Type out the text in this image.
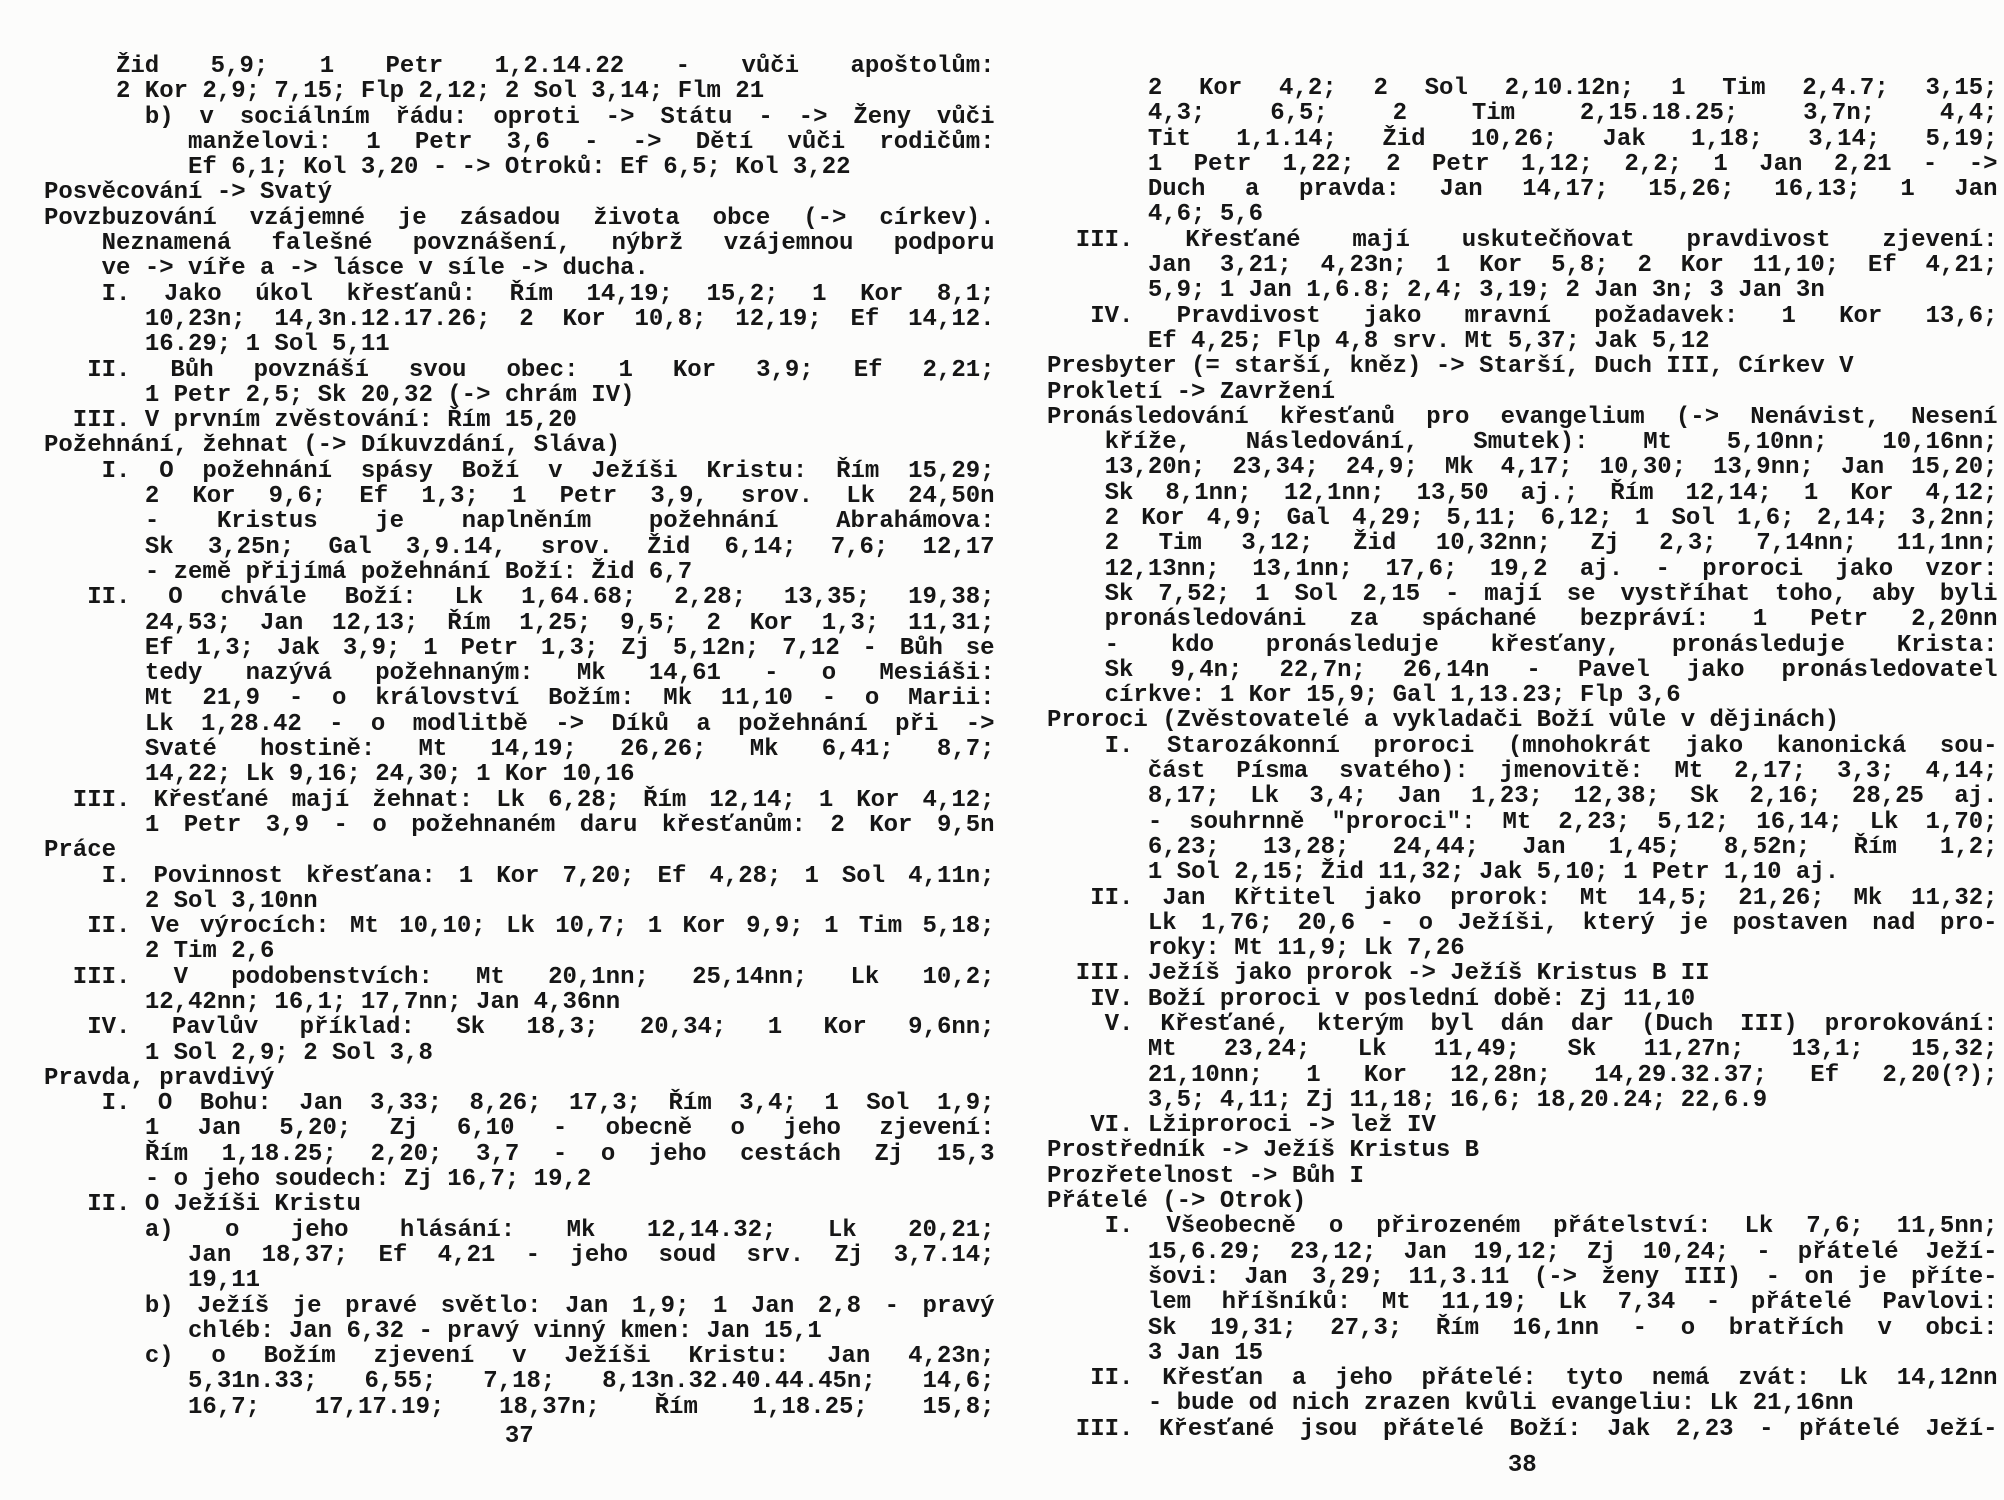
Žid 5,9; 1 Petr 1,2.14.22 - vůči apoštolům:
2 Kor 2,9; 7,15; Flp 2,12; 2 Sol 3,14; Flm 21
b) v sociálním řádu: oproti -> Státu - -> Ženy vůči
manželovi: 1 Petr 3,6 - -> Dětí vůči rodičům:
Ef 6,1; Kol 3,20 - -> Otroků: Ef 6,5; Kol 3,22
Posvěcování -> Svatý
Povzbuzování vzájemné je zásadou života obce (-> církev).
Neznamená falešné povznášení, nýbrž vzájemnou podporu
ve -> víře a -> lásce v síle -> ducha.
I. Jako úkol křesťanů: Řím 14,19; 15,2; 1 Kor 8,1;
10,23n; 14,3n.12.17.26; 2 Kor 10,8; 12,19; Ef 14,12.
16.29; 1 Sol 5,11
II. Bůh povznáší svou obec: 1 Kor 3,9; Ef 2,21;
1 Petr 2,5; Sk 20,32 (-> chrám IV)
III. V prvním zvěstování: Řím 15,20
Požehnání, žehnat (-> Díkuvzdání, Sláva)
I. O požehnání spásy Boží v Ježíši Kristu: Řím 15,29;
2 Kor 9,6; Ef 1,3; 1 Petr 3,9, srov. Lk 24,50n
- Kristus je naplněním požehnání Abrahámova:
Sk 3,25n; Gal 3,9.14, srov. Žid 6,14; 7,6; 12,17
- země přijímá požehnání Boží: Žid 6,7
II. O chvále Boží: Lk 1,64.68; 2,28; 13,35; 19,38;
24,53; Jan 12,13; Řím 1,25; 9,5; 2 Kor 1,3; 11,31;
Ef 1,3; Jak 3,9; 1 Petr 1,3; Zj 5,12n; 7,12 - Bůh se
tedy nazývá požehnaným: Mk 14,61 - o Mesiáši:
Mt 21,9 - o království Božím: Mk 11,10 - o Marii:
Lk 1,28.42 - o modlitbě -> Díků a požehnání při ->
Svaté hostině: Mt 14,19; 26,26; Mk 6,41; 8,7;
14,22; Lk 9,16; 24,30; 1 Kor 10,16
III. Křesťané mají žehnat: Lk 6,28; Řím 12,14; 1 Kor 4,12;
1 Petr 3,9 - o požehnaném daru křesťanům: 2 Kor 9,5n
Práce
I. Povinnost křesťana: 1 Kor 7,20; Ef 4,28; 1 Sol 4,11n;
2 Sol 3,10nn
II. Ve výrocích: Mt 10,10; Lk 10,7; 1 Kor 9,9; 1 Tim 5,18;
2 Tim 2,6
III. V podobenstvích: Mt 20,1nn; 25,14nn; Lk 10,2;
12,42nn; 16,1; 17,7nn; Jan 4,36nn
IV. Pavlův příklad: Sk 18,3; 20,34; 1 Kor 9,6nn;
1 Sol 2,9; 2 Sol 3,8
Pravda, pravdivý
I. O Bohu: Jan 3,33; 8,26; 17,3; Řím 3,4; 1 Sol 1,9;
1 Jan 5,20; Zj 6,10 - obecně o jeho zjevení:
Řím 1,18.25; 2,20; 3,7 - o jeho cestách Zj 15,3
- o jeho soudech: Zj 16,7; 19,2
II. O Ježíši Kristu
a) o jeho hlásání: Mk 12,14.32; Lk 20,21;
Jan 18,37; Ef 4,21 - jeho soud srv. Zj 3,7.14;
19,11
b) Ježíš je pravé světlo: Jan 1,9; 1 Jan 2,8 - pravý
chléb: Jan 6,32 - pravý vinný kmen: Jan 15,1
c) o Božím zjevení v Ježíši Kristu: Jan 4,23n;
5,31n.33; 6,55; 7,18; 8,13n.32.40.44.45n; 14,6;
16,7; 17,17.19; 18,37n; Řím 1,18.25; 15,8;
37
2 Kor 4,2; 2 Sol 2,10.12n; 1 Tim 2,4.7; 3,15;
4,3; 6,5; 2 Tim 2,15.18.25; 3,7n; 4,4;
Tit 1,1.14; Žid 10,26; Jak 1,18; 3,14; 5,19;
1 Petr 1,22; 2 Petr 1,12; 2,2; 1 Jan 2,21 - ->
Duch a pravda: Jan 14,17; 15,26; 16,13; 1 Jan
4,6; 5,6
III. Křesťané mají uskutečňovat pravdivost zjevení:
Jan 3,21; 4,23n; 1 Kor 5,8; 2 Kor 11,10; Ef 4,21;
5,9; 1 Jan 1,6.8; 2,4; 3,19; 2 Jan 3n; 3 Jan 3n
IV. Pravdivost jako mravní požadavek: 1 Kor 13,6;
Ef 4,25; Flp 4,8 srv. Mt 5,37; Jak 5,12
Presbyter (= starší, kněz) -> Starší, Duch III, Církev V
Prokletí -> Zavržení
Pronásledování křesťanů pro evangelium (-> Nenávist, Nesení
kříže, Následování, Smutek): Mt 5,10nn; 10,16nn;
13,20n; 23,34; 24,9; Mk 4,17; 10,30; 13,9nn; Jan 15,20;
Sk 8,1nn; 12,1nn; 13,50 aj.; Řím 12,14; 1 Kor 4,12;
2 Kor 4,9; Gal 4,29; 5,11; 6,12; 1 Sol 1,6; 2,14; 3,2nn;
2 Tim 3,12; Žid 10,32nn; Zj 2,3; 7,14nn; 11,1nn;
12,13nn; 13,1nn; 17,6; 19,2 aj. - proroci jako vzor:
Sk 7,52; 1 Sol 2,15 - mají se vystříhat toho, aby byli
pronásledováni za spáchané bezpráví: 1 Petr 2,20nn
- kdo pronásleduje křesťany, pronásleduje Krista:
Sk 9,4n; 22,7n; 26,14n - Pavel jako pronásledovatel
církve: 1 Kor 15,9; Gal 1,13.23; Flp 3,6
Proroci (Zvěstovatelé a vykladači Boží vůle v dějinách)
I. Starozákonní proroci (mnohokrát jako kanonická sou-
část Písma svatého): jmenovitě: Mt 2,17; 3,3; 4,14;
8,17; Lk 3,4; Jan 1,23; 12,38; Sk 2,16; 28,25 aj.
- souhrnně "proroci": Mt 2,23; 5,12; 16,14; Lk 1,70;
6,23; 13,28; 24,44; Jan 1,45; 8,52n; Řím 1,2;
1 Sol 2,15; Žid 11,32; Jak 5,10; 1 Petr 1,10 aj.
II. Jan Křtitel jako prorok: Mt 14,5; 21,26; Mk 11,32;
Lk 1,76; 20,6 - o Ježíši, který je postaven nad pro-
roky: Mt 11,9; Lk 7,26
III. Ježíš jako prorok -> Ježíš Kristus B II
IV. Boží proroci v poslední době: Zj 11,10
V. Křesťané, kterým byl dán dar (Duch III) prorokování:
Mt 23,24; Lk 11,49; Sk 11,27n; 13,1; 15,32;
21,10nn; 1 Kor 12,28n; 14,29.32.37; Ef 2,20(?);
3,5; 4,11; Zj 11,18; 16,6; 18,20.24; 22,6.9
VI. Lžiproroci -> lež IV
Prostředník -> Ježíš Kristus B
Prozřetelnost -> Bůh I
Přátelé (-> Otrok)
I. Všeobecně o přirozeném přátelství: Lk 7,6; 11,5nn;
15,6.29; 23,12; Jan 19,12; Zj 10,24; - přátelé Ježí-
šovi: Jan 3,29; 11,3.11 (-> ženy III) - on je příte-
lem hříšníků: Mt 11,19; Lk 7,34 - přátelé Pavlovi:
Sk 19,31; 27,3; Řím 16,1nn - o bratřích v obci:
3 Jan 15
II. Křesťan a jeho přátelé: tyto nemá zvát: Lk 14,12nn
- bude od nich zrazen kvůli evangeliu: Lk 21,16nn
III. Křesťané jsou přátelé Boží: Jak 2,23 - přátelé Ježí-
38
